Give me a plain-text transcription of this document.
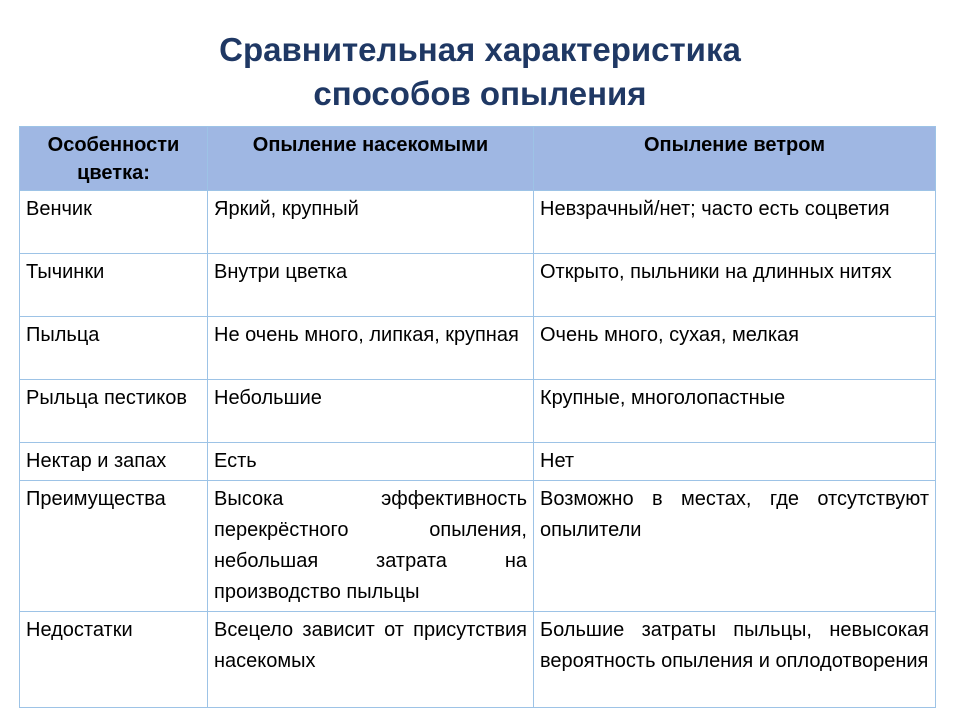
Сравнительная характеристика
способов опыления
Особенности цветка:	Опыление насекомыми	Опыление ветром
Венчик	Яркий, крупный	Невзрачный/нет; часто есть соцветия
Тычинки	Внутри цветка	Открыто, пыльники на длинных нитях
Пыльца	Не очень много, липкая, крупная	Очень много, сухая, мелкая
Рыльца пестиков	Небольшие	Крупные, многолопастные
Нектар и запах	Есть	Нет
Преимущества	Высока эффективность перекрёстного опыления, небольшая затрата на производство пыльцы	Возможно в местах, где отсутствуют опылители
Недостатки	Всецело зависит от присутствия насекомых	Большие затраты пыльцы, невысокая вероятность опыления и оплодотворения
